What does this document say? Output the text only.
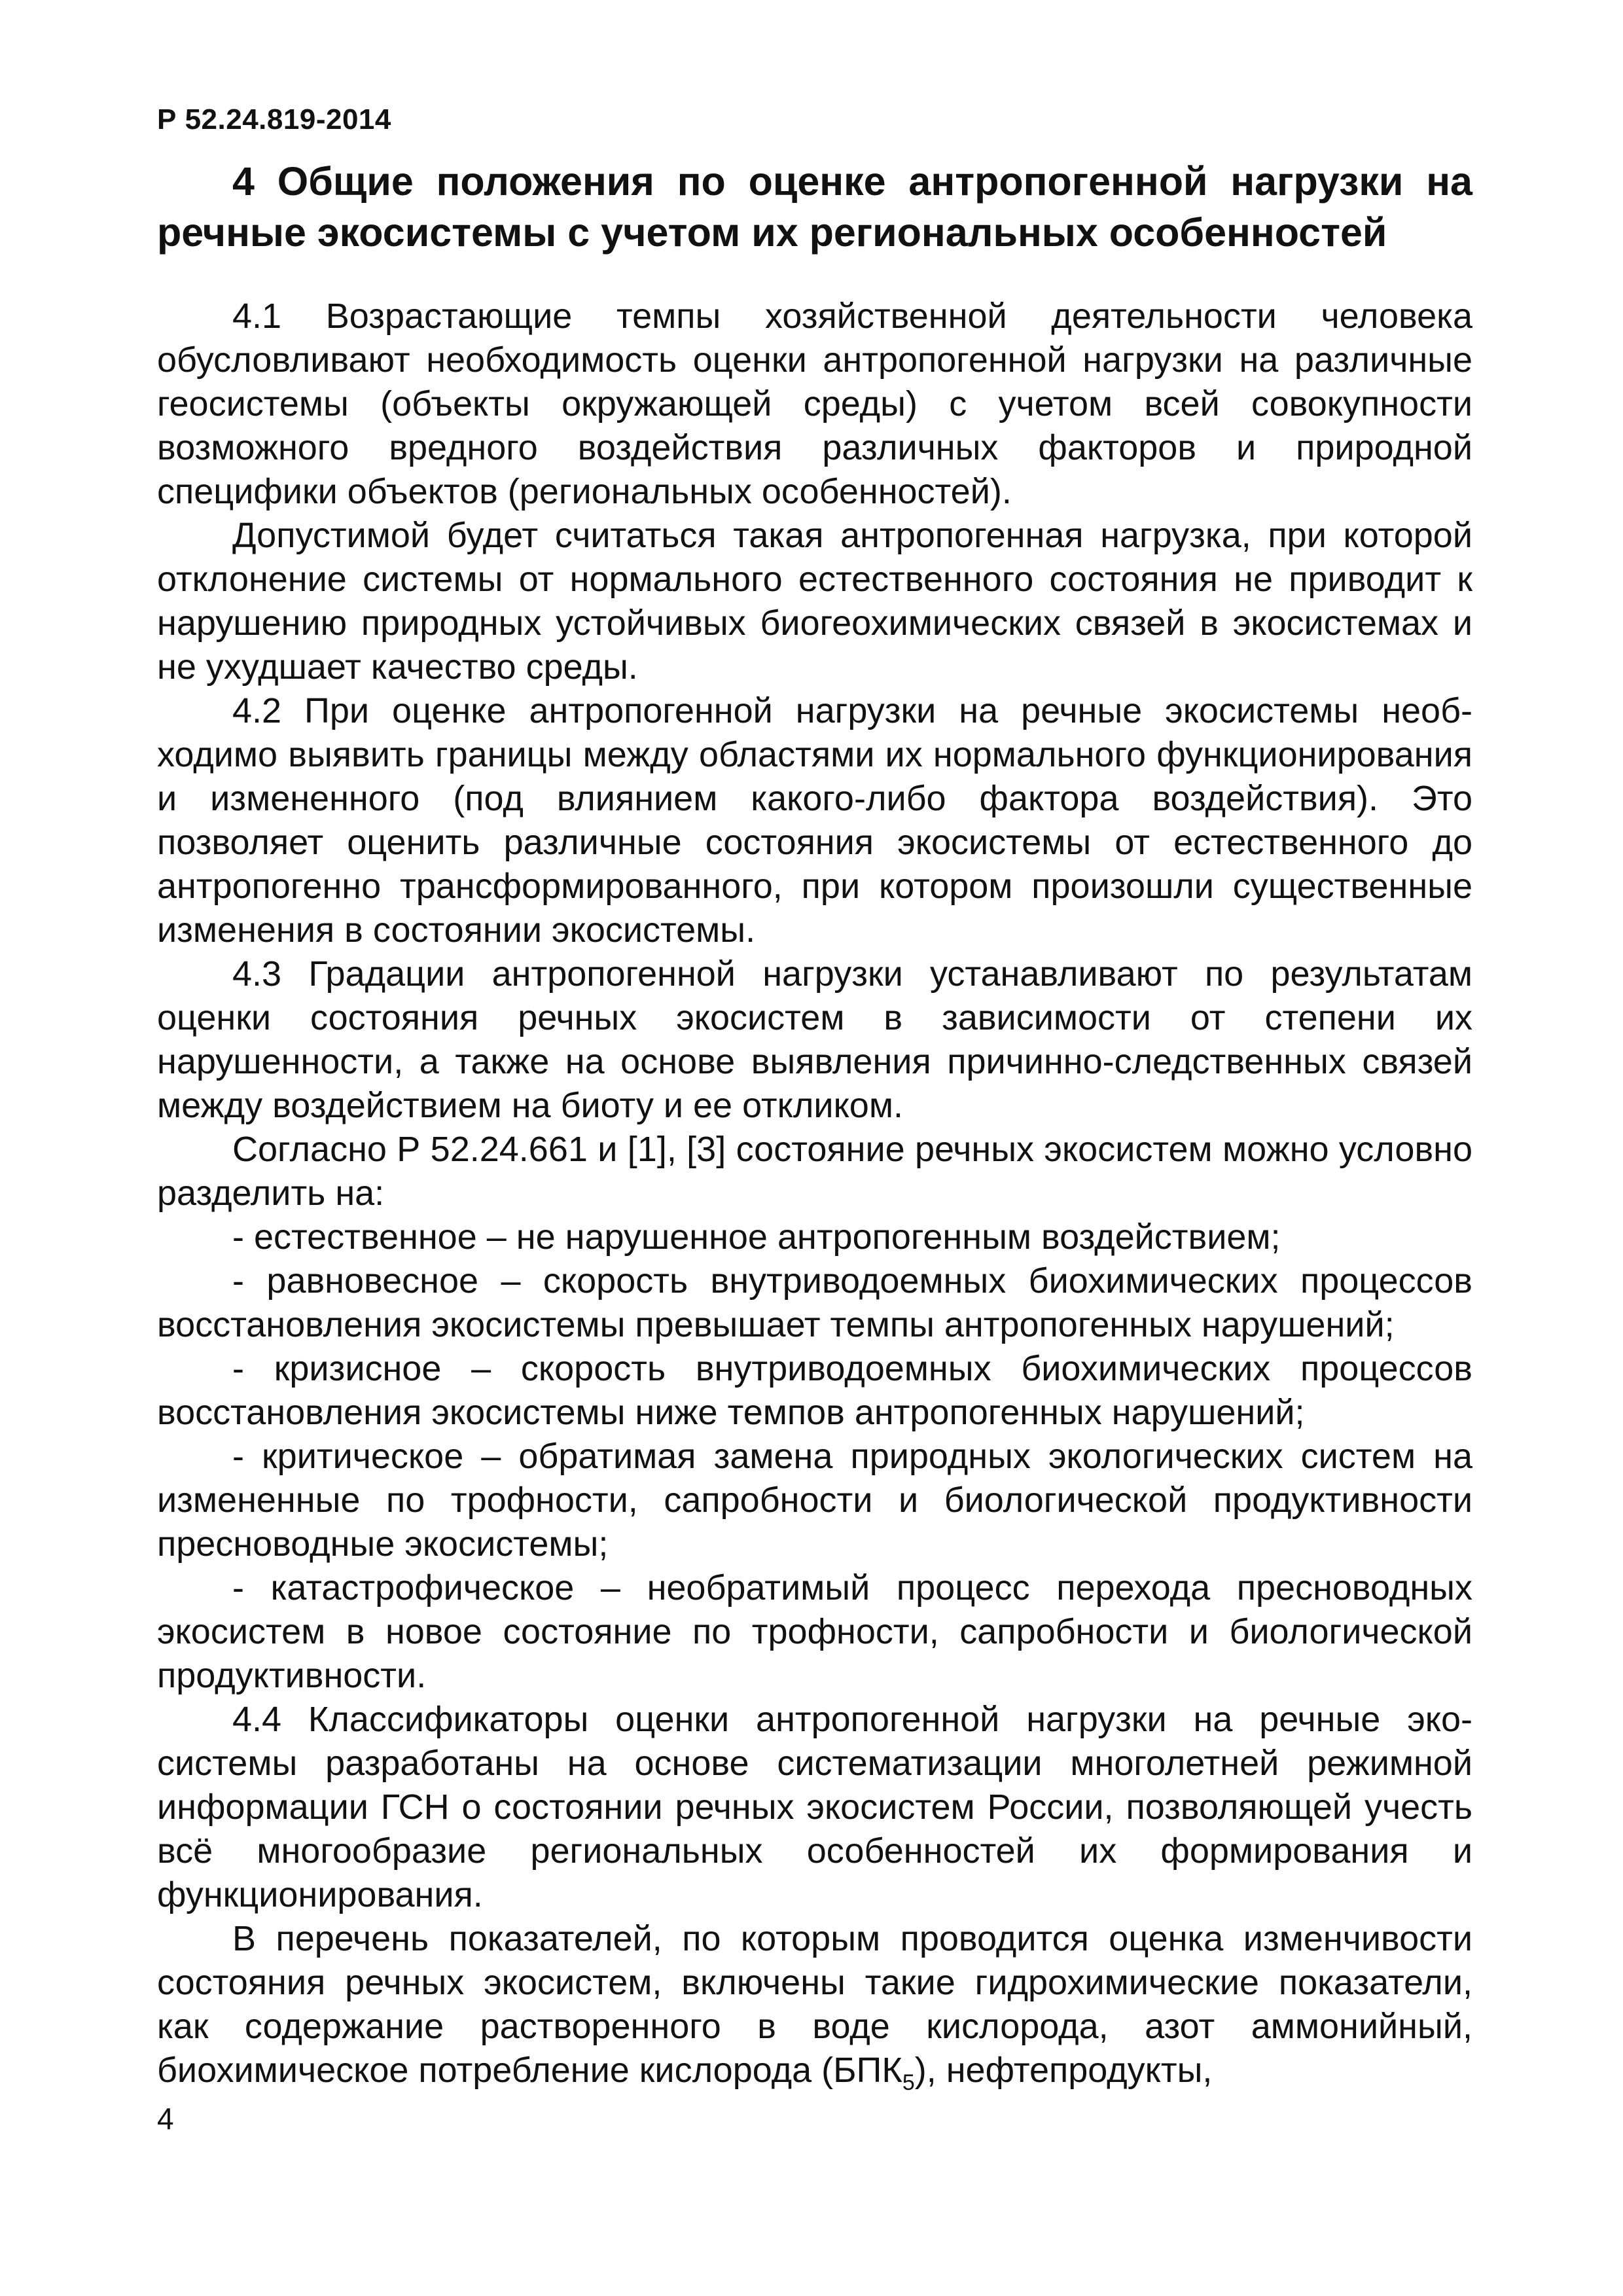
Р 52.24.819-2014
4 Общие положения по оценке антропогенной нагрузки на речные экосистемы с учетом их региональных особенностей

4.1 Возрастающие темпы хозяйственной деятельности человека обусловливают необходимость оценки антропогенной нагрузки на различные геосистемы (объекты окружающей среды) с учетом всей совокупности возможного вредного воздействия различных факторов и природной специфики объектов (региональных особенностей).

Допустимой будет считаться такая антропогенная нагрузка, при которой отклонение системы от нормального естественного состояния не приводит к нарушению природных устойчивых биогеохимических связей в экосистемах и не ухудшает качество среды.

4.2 При оценке антропогенной нагрузки на речные экосистемы необходимо выявить границы между областями их нормального функционирования и измененного (под влиянием какого-либо фактора воздействия). Это позволяет оценить различные состояния экосистемы от естественного до антропогенно трансформированного, при котором произошли существенные изменения в состоянии экосистемы.

4.3 Градации антропогенной нагрузки устанавливают по результатам оценки состояния речных экосистем в зависимости от степени их нарушенности, а также на основе выявления причинно-следственных связей между воздействием на биоту и ее откликом.

Согласно Р 52.24.661 и [1], [3] состояние речных экосистем можно условно разделить на:

- естественное – не нарушенное антропогенным воздействием;

- равновесное – скорость внутриводоемных биохимических процессов восстановления экосистемы превышает темпы антропогенных нарушений;

- кризисное – скорость внутриводоемных биохимических процессов восстановления экосистемы ниже темпов антропогенных нарушений;

- критическое – обратимая замена природных экологических систем на измененные по трофности, сапробности и биологической продуктивности пресноводные экосистемы;

- катастрофическое – необратимый процесс перехода пресноводных экосистем в новое состояние по трофности, сапробности и биологической продуктивности.

4.4 Классификаторы оценки антропогенной нагрузки на речные экосистемы разработаны на основе систематизации многолетней режимной информации ГСН о состоянии речных экосистем России, позволяющей учесть всё многообразие региональных особенностей их формирования и функционирования.

В перечень показателей, по которым проводится оценка изменчивости состояния речных экосистем, включены такие гидрохимические показатели, как содержание растворенного в воде кислорода, азот аммонийный, биохимическое потребление кислорода $(БПК_5)$, нефтепродукты,

4
